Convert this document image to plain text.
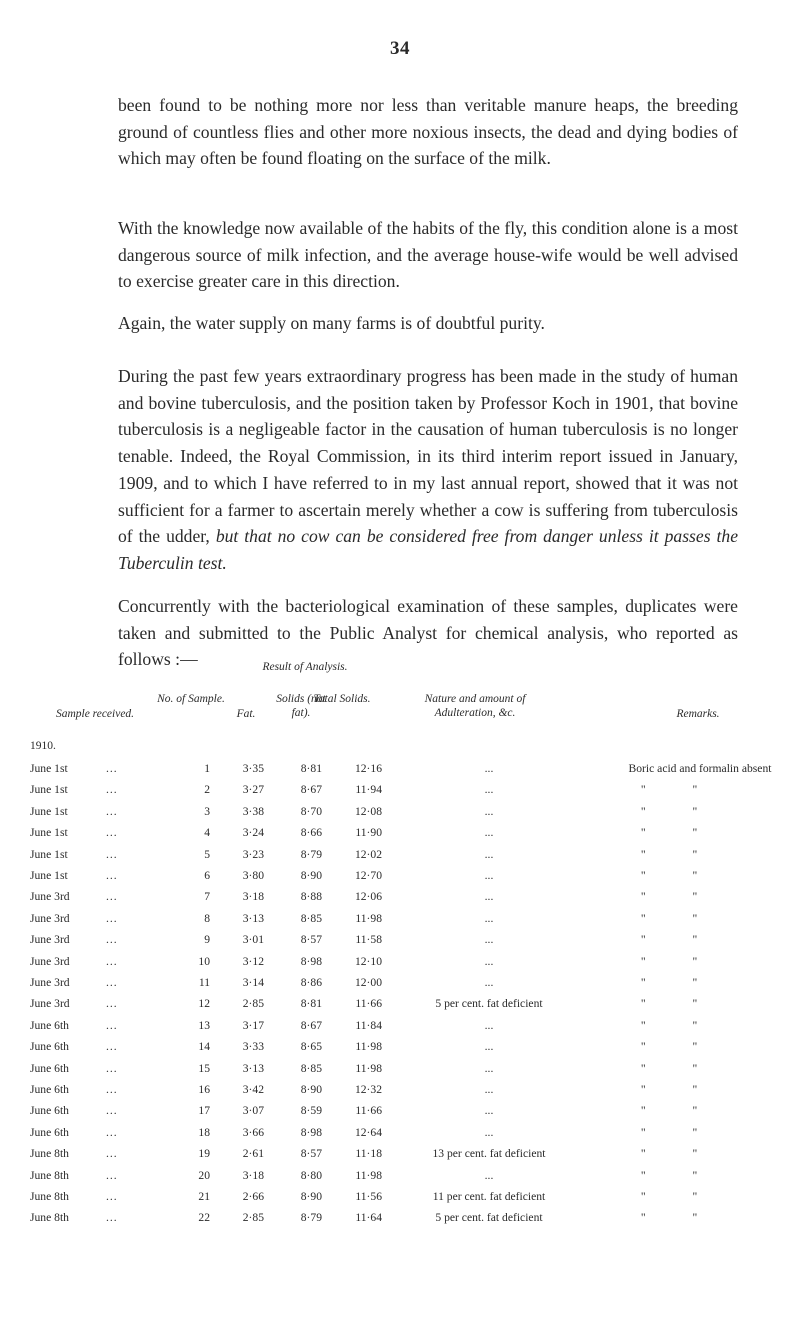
34
been found to be nothing more nor less than veritable manure heaps, the breeding ground of countless flies and other more noxious insects, the dead and dying bodies of which may often be found floating on the surface of the milk.
With the knowledge now available of the habits of the fly, this condition alone is a most dangerous source of milk infection, and the average house-wife would be well advised to exercise greater care in this direction.
Again, the water supply on many farms is of doubtful purity.
During the past few years extraordinary progress has been made in the study of human and bovine tuberculosis, and the position taken by Professor Koch in 1901, that bovine tuberculosis is a negligeable factor in the causation of human tuberculosis is no longer tenable. Indeed, the Royal Commission, in its third interim report issued in January, 1909, and to which I have referred to in my last annual report, showed that it was not sufficient for a farmer to ascertain merely whether a cow is suffering from tuberculosis of the udder, but that no cow can be considered free from danger unless it passes the Tuberculin test.
Concurrently with the bacteriological examination of these samples, duplicates were taken and submitted to the Public Analyst for chemical analysis, who reported as follows :—	Result of Analysis.
Sample received.
No. of Sample.
Fat.
Solids (not fat).
Total Solids.	Nature and amount of Adulteration, &c.	Remarks.
1910.
June 1st	...	1	3·35	8·81	12·16	...	Boric acid and formalin absent
June 1st	...	2	3·27	8·67	11·94	...	" "
June 1st	...	3	3·38	8·70	12·08	...	" "
June 1st	...	4	3·24	8·66	11·90	...	" "
June 1st	...	5	3·23	8·79	12·02	...	" "
June 1st	...	6	3·80	8·90	12·70	...	" "
June 3rd	...	7	3·18	8·88	12·06	...	" "
June 3rd	...	8	3·13	8·85	11·98	...	" "
June 3rd	...	9	3·01	8·57	11·58	...	" "
June 3rd	...	10	3·12	8·98	12·10	...	" "
June 3rd	...	11	3·14	8·86	12·00	...	" "
June 3rd	...	12	2·85	8·81	11·66	5 per cent. fat deficient	" "
June 6th	...	13	3·17	8·67	11·84	...	" "
June 6th	...	14	3·33	8·65	11·98	...	" "
June 6th	...	15	3·13	8·85	11·98	...	" "
June 6th	...	16	3·42	8·90	12·32	...	" "
June 6th	...	17	3·07	8·59	11·66	...	" "
June 6th	...	18	3·66	8·98	12·64	...	" "
June 8th	...	19	2·61	8·57	11·18	13 per cent. fat deficient	" "
June 8th	...	20	3·18	8·80	11·98	...	" "
June 8th	...	21	2·66	8·90	11·56	11 per cent. fat deficient	" "
June 8th	...	22	2·85	8·79	11·64	5 per cent. fat deficient	" "
